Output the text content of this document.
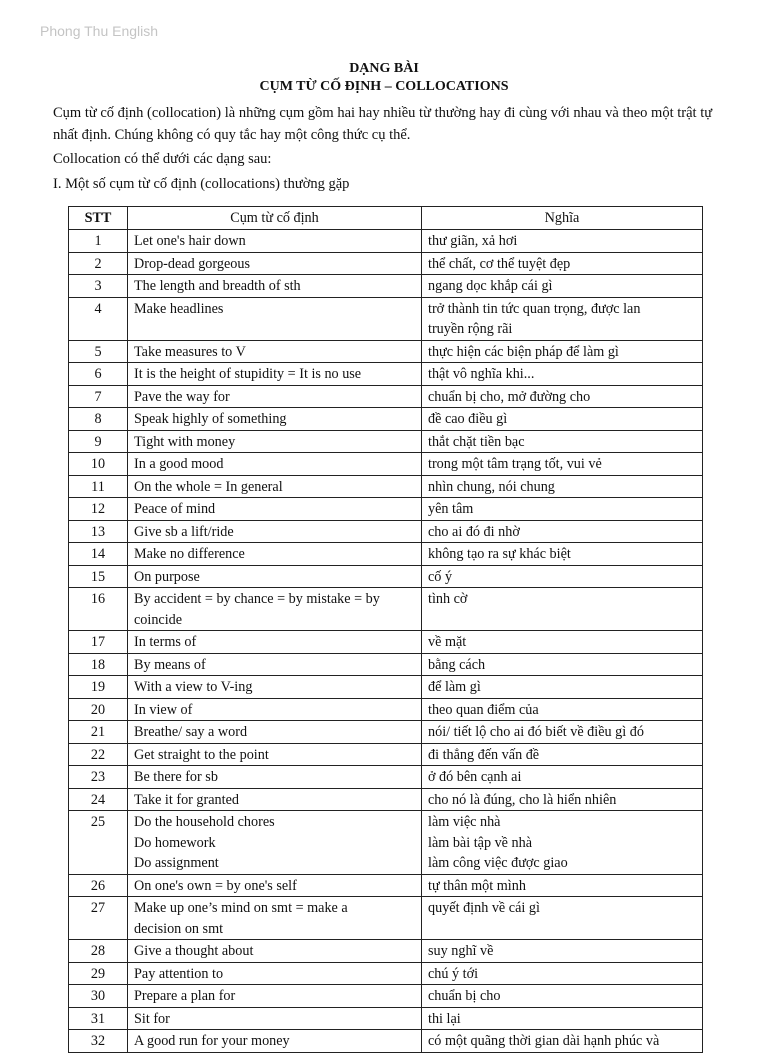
Phong Thu English
DẠNG BÀI
CỤM TỪ CỐ ĐỊNH – COLLOCATIONS
Cụm từ cố định (collocation) là những cụm gồm hai hay nhiều từ thường hay đi cùng với nhau và theo một trật tự nhất định. Chúng không có quy tắc hay một công thức cụ thể.
Collocation có thể dưới các dạng sau:
I. Một số cụm từ cố định (collocations) thường gặp
STT	Cụm từ cố định	Nghĩa
1	Let one's hair down	thư giãn, xả hơi

2	Drop-dead gorgeous	thể chất, cơ thể tuyệt đẹp

3	The length and breadth of sth	ngang dọc khắp cái gì

4	Make headlines	trở thành tin tức quan trọng, được lan
truyền rộng rãi

5	Take measures to V	thực hiện các biện pháp để làm gì

6	It is the height of stupidity = It is no use	thật vô nghĩa khi...

7	Pave the way for	chuẩn bị cho, mở đường cho

8	Speak highly of something	đề cao điều gì

9	Tight with money	thắt chặt tiền bạc

10	In a good mood	trong một tâm trạng tốt, vui vẻ

11	On the whole = In general	nhìn chung, nói chung

12	Peace of mind	yên tâm

13	Give sb a lift/ride	cho ai đó đi nhờ

14	Make no difference	không tạo ra sự khác biệt

15	On purpose	cố ý

16	By accident = by chance = by mistake = by
coincide	tình cờ

17	In terms of	về mặt

18	By means of	bằng cách

19	With a view to V-ing	để làm gì

20	In view of	theo quan điểm của

21	Breathe/ say a word	nói/ tiết lộ cho ai đó biết về điều gì đó

22	Get straight to the point	đi thẳng đến vấn đề

23	Be there for sb	ở đó bên cạnh ai

24	Take it for granted	cho nó là đúng, cho là hiển nhiên

25	Do the household chores
Do homework
Do assignment	làm việc nhà
làm bài tập về nhà
làm công việc được giao

26	On one's own = by one's self	tự thân một mình

27	Make up one’s mind on smt = make a
decision on smt	quyết định về cái gì

28	Give a thought about	suy nghĩ về

29	Pay attention to	chú ý tới

30	Prepare a plan for	chuẩn bị cho

31	Sit for	thi lại

32	A good run for your money	có một quãng thời gian dài hạnh phúc và
